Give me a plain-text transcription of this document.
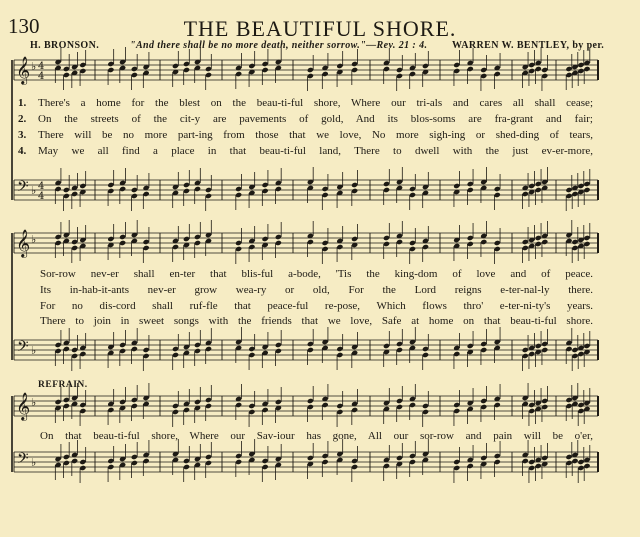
130	THE BEAUTIFUL SHORE.
H. BRONSON.	"And there shall be no more death, neither sorrow."—Rev. 21 : 4. WARREN W. BENTLEY, by per.
1. There's a home for the blest on the beau-ti-ful shore, Where our tri-als and cares all shall cease;
2. On the streets of the cit-y are pavements of gold, And its blos-soms are fra-grant and fair;
3. There will be no more part-ing from those that we love, No more sigh-ing or shed-ding of tears,
4. May we all find a place in that beau-ti-ful land, There to dwell with the just ev-er-more,
Sor-row nev-er shall en-ter that blis-ful a-bode, 'Tis the king-dom of love and of peace.
Its in-hab-it-ants nev-er grow wea-ry or old, For the Lord reigns e-ter-nal-ly there.
For no dis-cord shall ruf-fle that peace-ful re-pose, Which flows thro' e-ter-ni-ty's years.
There to join in sweet songs with the friends that we love, Safe at home on that beau-ti-ful shore.
REFRAIN.
On that beau-ti-ful shore, Where our Sav-iour has gone, All our sor-row and pain will be o'er,
𝄞 ♭ 4
4
𝄢 ♭ 4
4
𝄞 ♭
𝄢 ♭
𝄞 ♭
𝄢 ♭
